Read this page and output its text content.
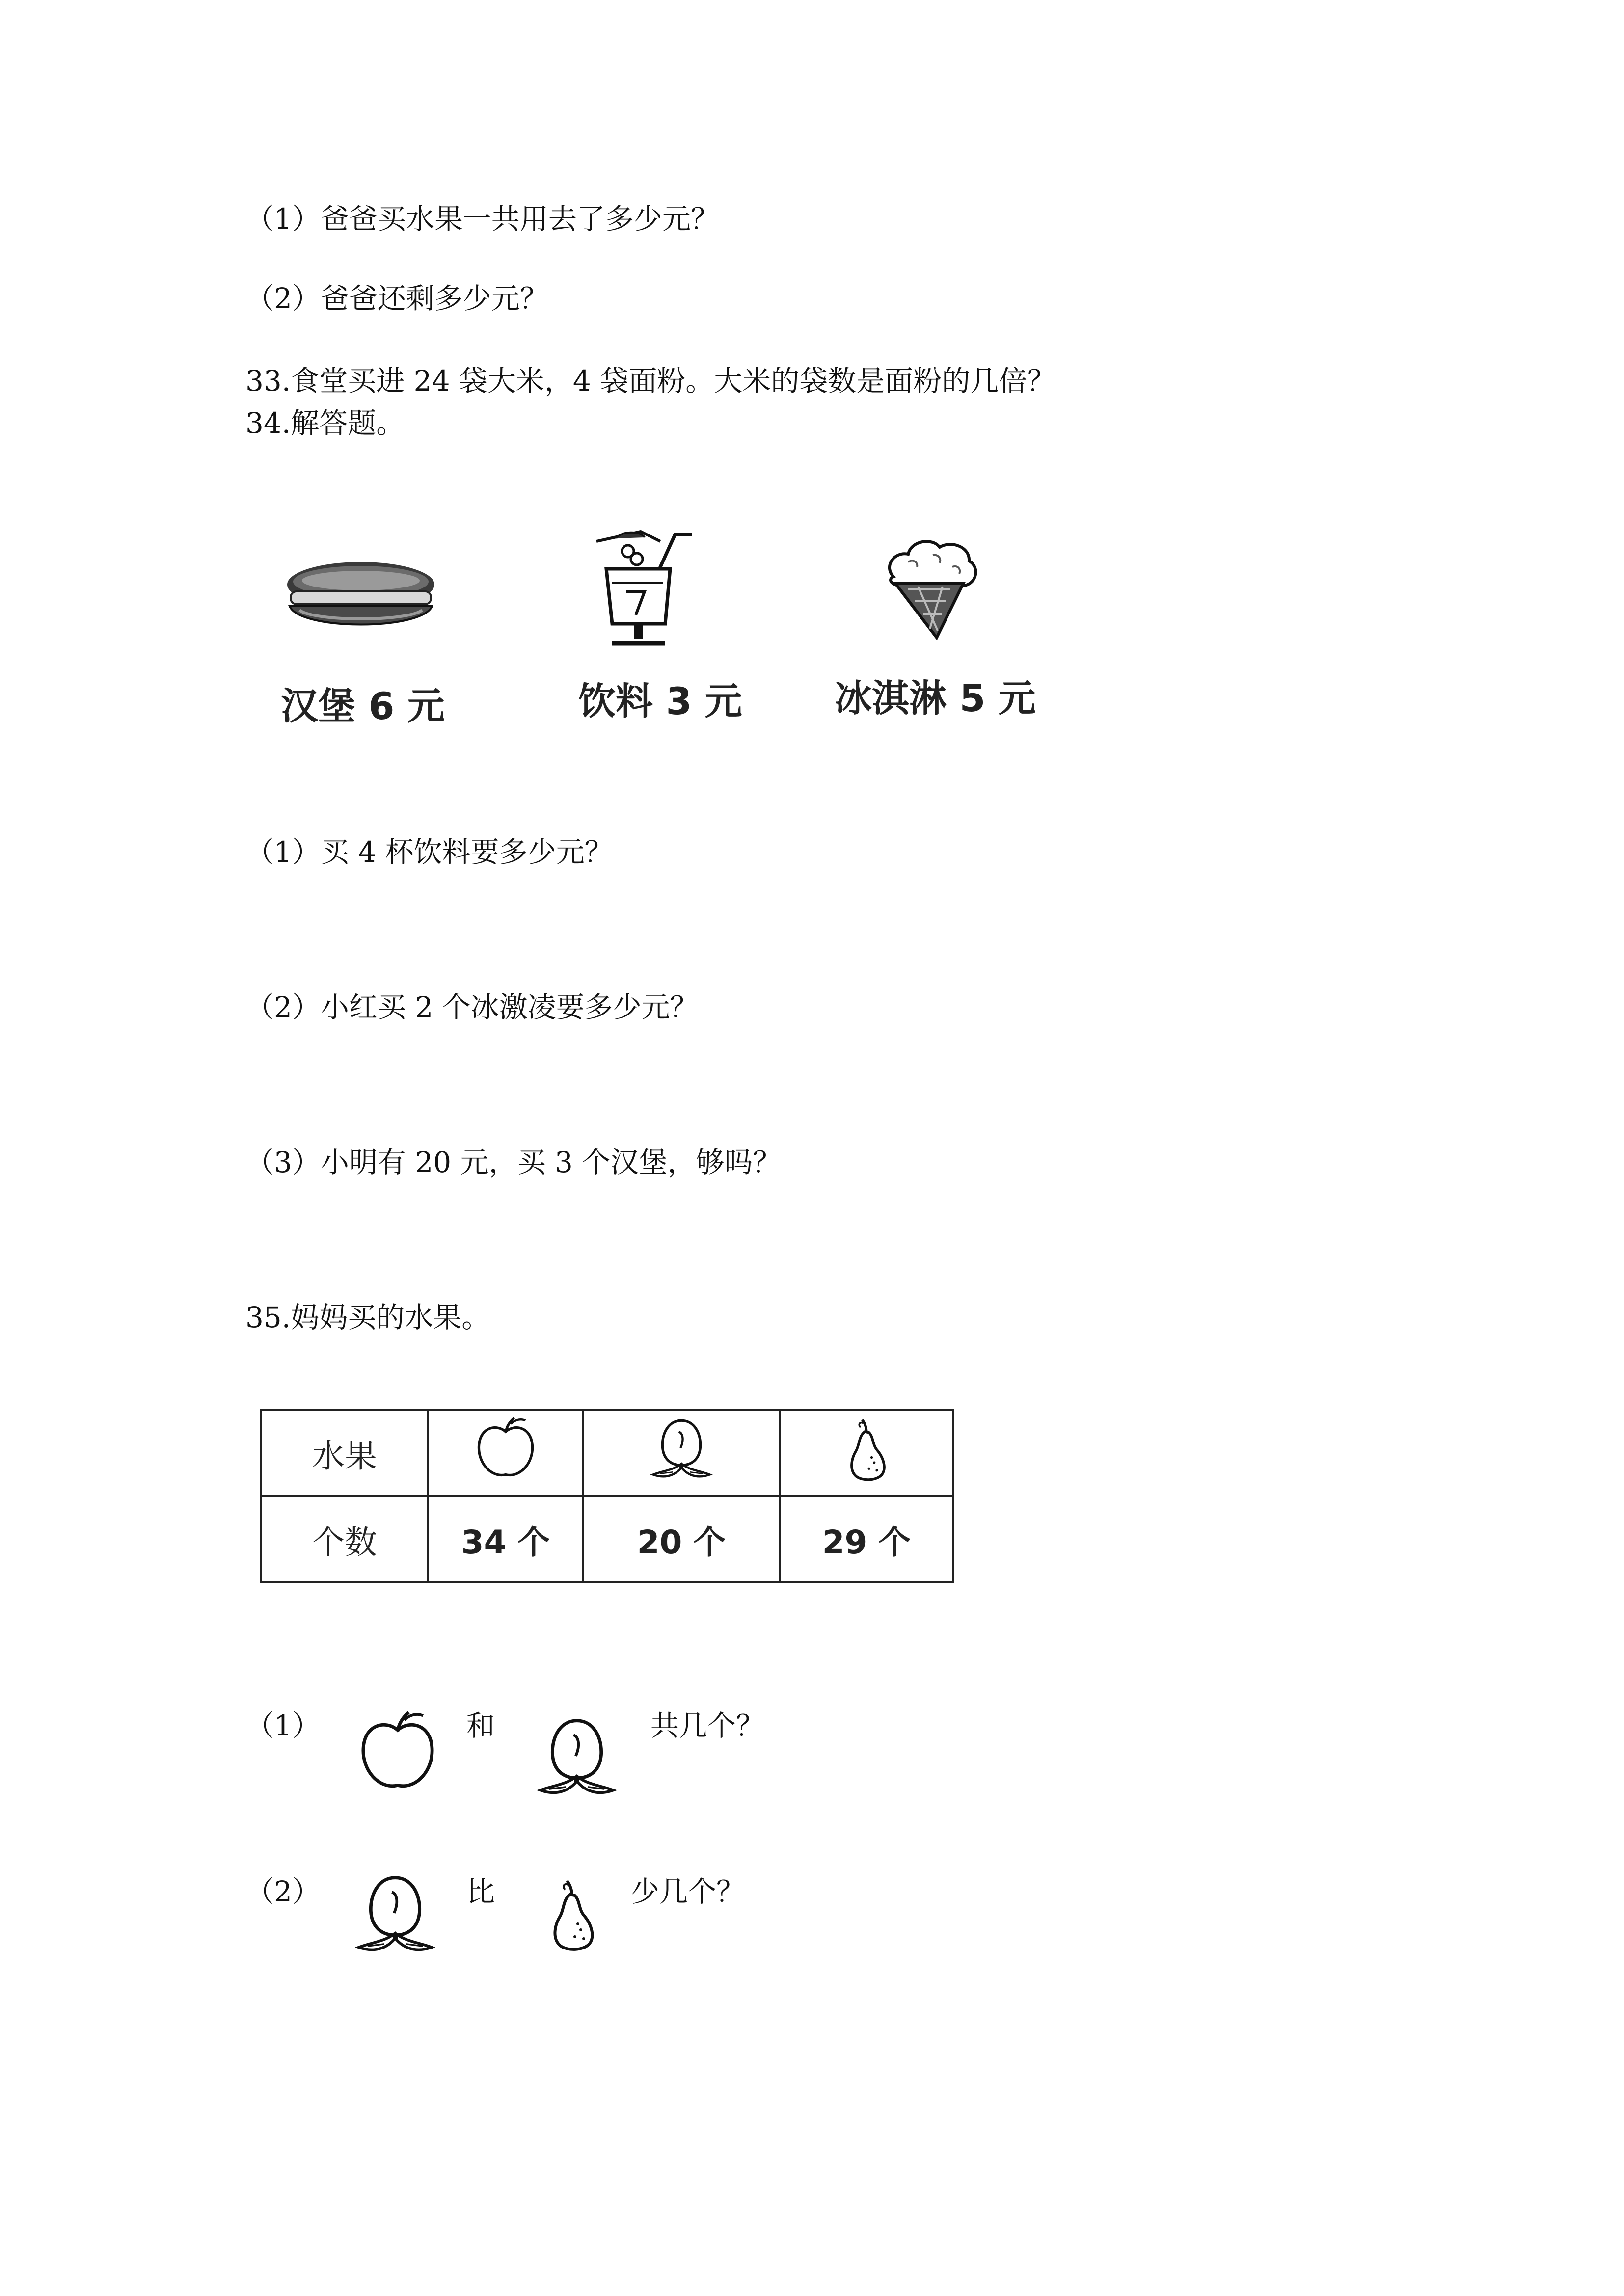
（1）爸爸买水果一共用去了多少元？
（2）爸爸还剩多少元？
33.食堂买进 24 袋大米，4 袋面粉。大米的袋数是面粉的几倍？
34.解答题。
汉堡 6 元	饮料 3 元 冰淇淋 5 元
（1）买 4 杯饮料要多少元？
（2）小红买 2 个冰激凌要多少元？
（3）小明有 20 元，买 3 个汉堡，够吗？
35.妈妈买的水果。
水果			
个数	34 个	20 个	29 个
（1）	和	共几个？
（2）	比	少几个？
